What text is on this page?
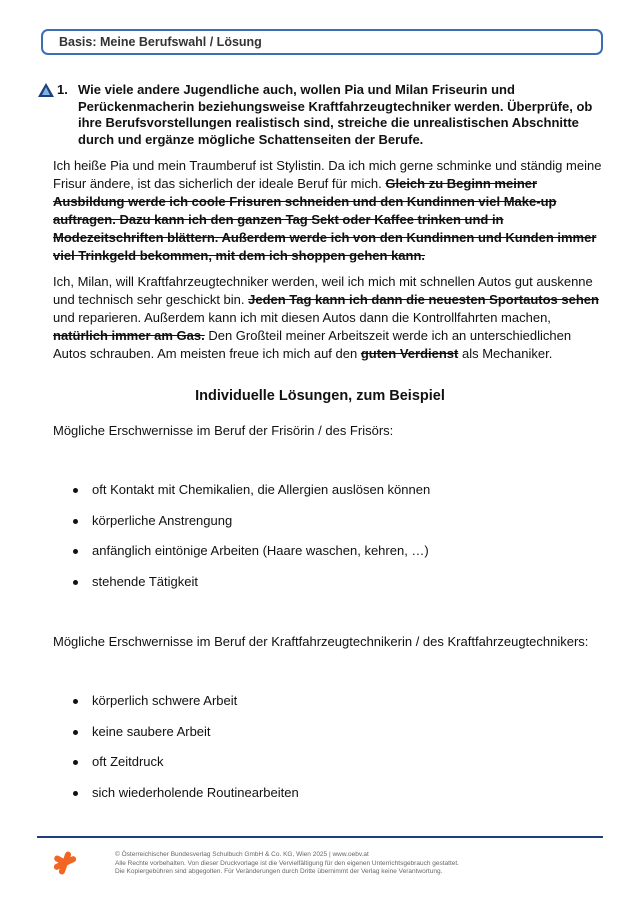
Basis: Meine Berufswahl / Lösung
1. Wie viele andere Jugendliche auch, wollen Pia und Milan Friseurin und Perückenmacherin beziehungsweise Kraftfahrzeugtechniker werden. Überprüfe, ob ihre Berufsvorstellungen realistisch sind, streiche die unrealistischen Abschnitte durch und ergänze mögliche Schattenseiten der Berufe.
Ich heiße Pia und mein Traumberuf ist Stylistin. Da ich mich gerne schminke und ständig meine Frisur ändere, ist das sicherlich der ideale Beruf für mich. Gleich zu Beginn meiner Ausbildung werde ich coole Frisuren schneiden und den Kundinnen viel Make-up auftragen. Dazu kann ich den ganzen Tag Sekt oder Kaffee trinken und in Modezeitschriften blättern. Außerdem werde ich von den Kundinnen und Kunden immer viel Trinkgeld bekommen, mit dem ich shoppen gehen kann.
Ich, Milan, will Kraftfahrzeugtechniker werden, weil ich mich mit schnellen Autos gut auskenne und technisch sehr geschickt bin. Jeden Tag kann ich dann die neuesten Sportautos sehen und reparieren. Außerdem kann ich mit diesen Autos dann die Kontrollfahrten machen, natürlich immer am Gas. Den Großteil meiner Arbeitszeit werde ich an unterschiedlichen Autos schrauben. Am meisten freue ich mich auf den guten Verdienst als Mechaniker.
Individuelle Lösungen, zum Beispiel
Mögliche Erschwernisse im Beruf der Frisörin / des Frisörs:
oft Kontakt mit Chemikalien, die Allergien auslösen können
körperliche Anstrengung
anfänglich eintönige Arbeiten (Haare waschen, kehren, …)
stehende Tätigkeit
Mögliche Erschwernisse im Beruf der Kraftfahrzeugtechnikerin / des Kraftfahrzeugtechnikers:
körperlich schwere Arbeit
keine saubere Arbeit
oft Zeitdruck
sich wiederholende Routinearbeiten
© Österreichischer Bundesverlag Schulbuch GmbH & Co. KG, Wien 2025 | www.oebv.at
Alle Rechte vorbehalten. Von dieser Druckvorlage ist die Vervielfältigung für den eigenen Unterrichtsgebrauch gestattet.
Die Kopiergebühren sind abgegolten. Für Veränderungen durch Dritte übernimmt der Verlag keine Verantwortung.
